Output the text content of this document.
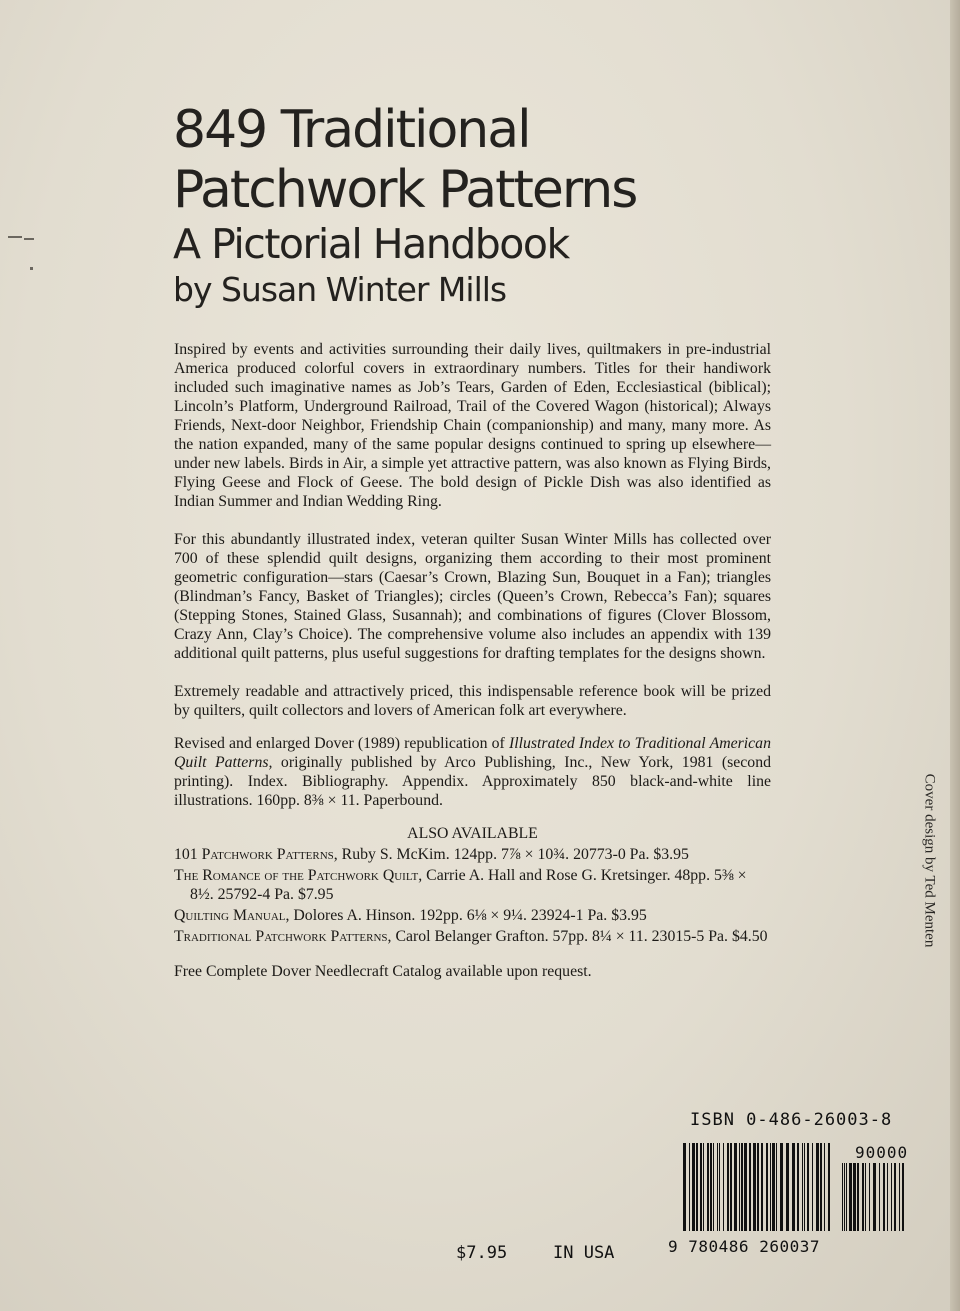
849 Traditional
Patchwork Patterns
A Pictorial Handbook
by Susan Winter Mills

Inspired by events and activities surrounding their daily lives, quiltmakers in pre-industrial America produced colorful covers in extraordinary numbers. Titles for their handiwork included such imaginative names as Job’s Tears, Garden of Eden, Ecclesiastical (biblical); Lincoln’s Platform, Underground Railroad, Trail of the Covered Wagon (historical); Always Friends, Next-door Neighbor, Friendship Chain (companionship) and many, many more. As the nation expanded, many of the same popular designs continued to spring up elsewhere—under new labels. Birds in Air, a simple yet attractive pattern, was also known as Flying Birds, Flying Geese and Flock of Geese. The bold design of Pickle Dish was also identified as Indian Summer and Indian Wedding Ring.

For this abundantly illustrated index, veteran quilter Susan Winter Mills has collected over 700 of these splendid quilt designs, organizing them according to their most prominent geometric configuration—stars (Caesar’s Crown, Blazing Sun, Bouquet in a Fan); triangles (Blindman’s Fancy, Basket of Triangles); circles (Queen’s Crown, Rebecca’s Fan); squares (Stepping Stones, Stained Glass, Susannah); and combinations of figures (Clover Blossom, Crazy Ann, Clay’s Choice). The comprehensive volume also includes an appendix with 139 additional quilt patterns, plus useful suggestions for drafting templates for the designs shown.

Extremely readable and attractively priced, this indispensable reference book will be prized by quilters, quilt collectors and lovers of American folk art everywhere.

Revised and enlarged Dover (1989) republication of Illustrated Index to Traditional American Quilt Patterns, originally published by Arco Publishing, Inc., New York, 1981 (second printing). Index. Bibliography. Appendix. Approximately 850 black-and-white line illustrations. 160pp. 8⅜ × 11. Paperbound.

ALSO AVAILABLE
101 Patchwork Patterns, Ruby S. McKim. 124pp. 7⅞ × 10¾. 20773-0 Pa. $3.95
The Romance of the Patchwork Quilt, Carrie A. Hall and Rose G. Kretsinger. 48pp. 5⅜ × 8½. 25792-4 Pa. $7.95
Quilting Manual, Dolores A. Hinson. 192pp. 6⅛ × 9¼. 23924-1 Pa. $3.95
Traditional Patchwork Patterns, Carol Belanger Grafton. 57pp. 8¼ × 11. 23015-5 Pa. $4.50

Free Complete Dover Needlecraft Catalog available upon request.

Cover design by Ted Menten
ISBN 0-486-26003-8
90000
9 780486 260037
$7.95	IN USA
